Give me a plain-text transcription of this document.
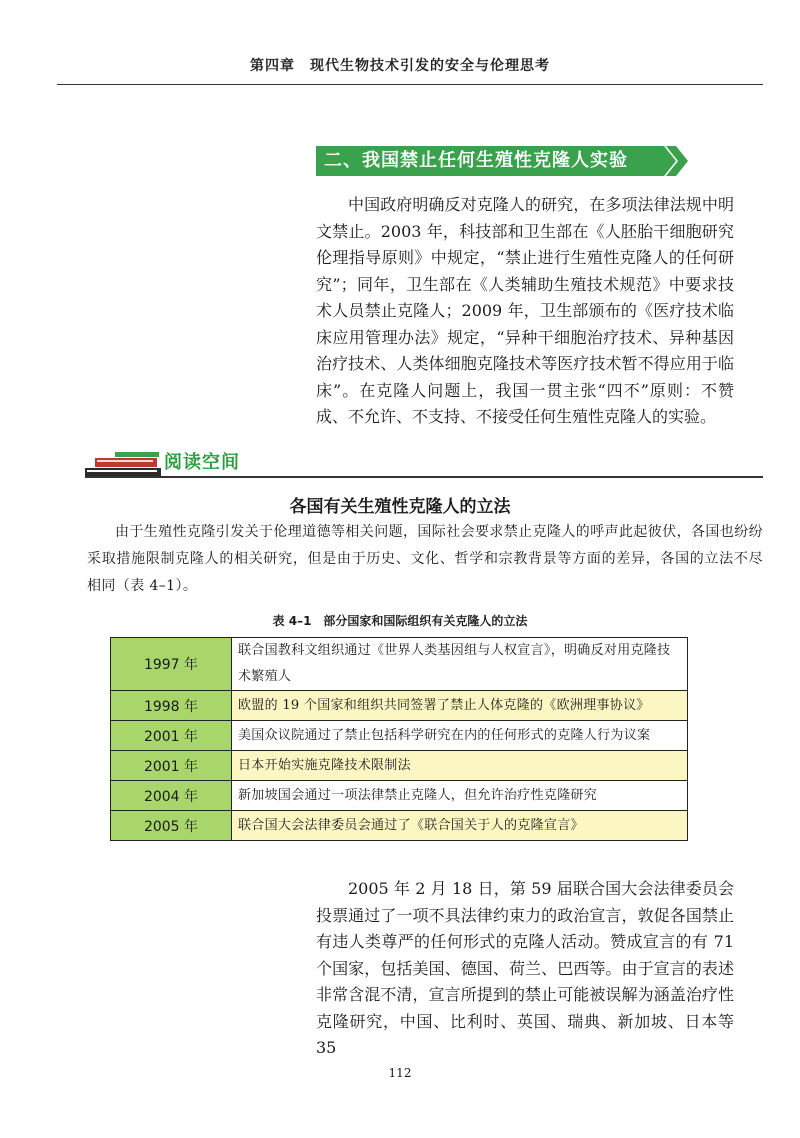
第四章　现代生物技术引发的安全与伦理思考
二、我国禁止任何生殖性克隆人实验

中国政府明确反对克隆人的研究，在多项法律法规中明文禁止。2003 年，科技部和卫生部在《人胚胎干细胞研究伦理指导原则》中规定，“禁止进行生殖性克隆人的任何研究”；同年，卫生部在《人类辅助生殖技术规范》中要求技术人员禁止克隆人；2009 年，卫生部颁布的《医疗技术临床应用管理办法》规定，“异种干细胞治疗技术、异种基因治疗技术、人类体细胞克隆技术等医疗技术暂不得应用于临床”。在克隆人问题上，我国一贯主张“四不”原则：不赞成、不允许、不支持、不接受任何生殖性克隆人的实验。

阅读空间
各国有关生殖性克隆人的立法

由于生殖性克隆引发关于伦理道德等相关问题，国际社会要求禁止克隆人的呼声此起彼伏，各国也纷纷采取措施限制克隆人的相关研究，但是由于历史、文化、哲学和宗教背景等方面的差异，各国的立法不尽相同（表 4–1）。

表 4–1　部分国家和国际组织有关克隆人的立法
1997 年	联合国教科文组织通过《世界人类基因组与人权宣言》，明确反对用克隆技术繁殖人
1998 年	欧盟的 19 个国家和组织共同签署了禁止人体克隆的《欧洲理事协议》
2001 年	美国众议院通过了禁止包括科学研究在内的任何形式的克隆人行为议案
2001 年	日本开始实施克隆技术限制法
2004 年	新加坡国会通过一项法律禁止克隆人，但允许治疗性克隆研究
2005 年	联合国大会法律委员会通过了《联合国关于人的克隆宣言》

2005 年 2 月 18 日，第 59 届联合国大会法律委员会投票通过了一项不具法律约束力的政治宣言，敦促各国禁止有违人类尊严的任何形式的克隆人活动。赞成宣言的有 71 个国家，包括美国、德国、荷兰、巴西等。由于宣言的表述非常含混不清，宣言所提到的禁止可能被误解为涵盖治疗性克隆研究，中国、比利时、英国、瑞典、新加坡、日本等 35

112
